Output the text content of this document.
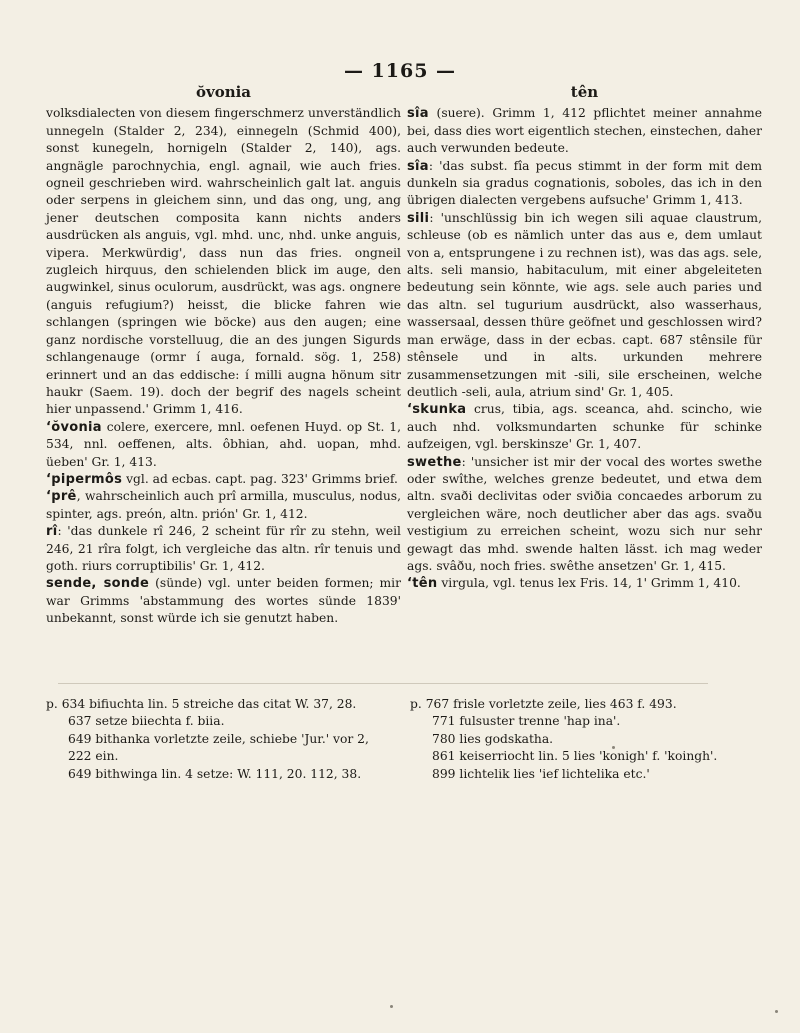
— 1165 —
ŏvonia

volksdialecten von diesem fingerschmerz unverständlich unnegeln (Stalder 2, 234), einnegeln (Schmid 400), sonst kunegeln, hornigeln (Stalder 2, 140), ags. angnägle parochnychia, engl. agnail, wie auch fries. ogneil geschrieben wird. wahrscheinlich galt lat. anguis oder serpens in gleichem sinn, und das ong, ung, ang jener deutschen composita kann nichts anders ausdrücken als anguis, vgl. mhd. unc, nhd. unke anguis, vipera. Merkwürdig', dass nun das fries. ongneil zugleich hirquus, den schielenden blick im auge, den augwinkel, sinus oculorum, ausdrückt, was ags. ongnere (anguis refugium?) heisst, die blicke fahren wie schlangen (springen wie böcke) aus den augen; eine ganz nordische vorstelluug, die an des jungen Sigurds schlangenauge (ormr í auga, fornald. sög. 1, 258) erinnert und an das eddische: í milli augna hönum sitr haukr (Saem. 19). doch der begrif des nagels scheint hier unpassend.' Grimm 1, 416.

‘ŏvonia colere, exercere, mnl. oefenen Huyd. op St. 1, 534, nnl. oeffenen, alts. ôbhian, ahd. uopan, mhd. üeben' Gr. 1, 413.

‘pipermôs vgl. ad ecbas. capt. pag. 323' Grimms brief.

‘prê, wahrscheinlich auch prî armilla, musculus, nodus, spinter, ags. preón, altn. prión' Gr. 1, 412.

rî: 'das dunkele rî 246, 2 scheint für rîr zu stehn, weil 246, 21 rîra folgt, ich vergleiche das altn. rîr tenuis und goth. riurs corruptibilis' Gr. 1, 412.

sende, sonde (sünde) vgl. unter beiden formen; mir war Grimms 'abstammung des wortes sünde 1839' unbekannt, sonst würde ich sie genutzt haben.

tên

sîa (suere). Grimm 1, 412 pflichtet meiner annahme bei, dass dies wort eigentlich stechen, einstechen, daher auch verwunden bedeute.

sîa: 'das subst. fîa pecus stimmt in der form mit dem dunkeln sia gradus cognationis, soboles, das ich in den übrigen dialecten vergebens aufsuche' Grimm 1, 413.

sili: 'unschlüssig bin ich wegen sili aquae claustrum, schleuse (ob es nämlich unter das aus e, dem umlaut von a, entsprungene i zu rechnen ist), was das ags. sele, alts. seli mansio, habitaculum, mit einer abgeleiteten bedeutung sein könnte, wie ags. sele auch paries und das altn. sel tugurium ausdrückt, also wasserhaus, wassersaal, dessen thüre geöfnet und geschlossen wird? man erwäge, dass in der ecbas. capt. 687 stênsile für stênsele und in alts. urkunden mehrere zusammensetzungen mit -sili, sile erscheinen, welche deutlich -seli, aula, atrium sind' Gr. 1, 405.

‘skunka crus, tibia, ags. sceanca, ahd. scincho, wie auch nhd. volksmundarten schunke für schinke aufzeigen, vgl. berskinsze' Gr. 1, 407.

swethe: 'unsicher ist mir der vocal des wortes swethe oder swîthe, welches grenze bedeutet, und etwa dem altn. svaði declivitas oder sviðia concaedes arborum zu vergleichen wäre, noch deutlicher aber das ags. svaðu vestigium zu erreichen scheint, wozu sich nur sehr gewagt das mhd. swende halten lässt. ich mag weder ags. svâðu, noch fries. swêthe ansetzen' Gr. 1, 415.

‘tên virgula, vgl. tenus lex Fris. 14, 1' Grimm 1, 410.

p. 634 bifiuchta lin. 5 streiche das citat W. 37, 28.

637 setze biiechta f. biia.

649 bithanka vorletzte zeile, schiebe 'Jur.' vor 2,

222 ein.

649 bithwinga lin. 4 setze: W. 111, 20. 112, 38.

p. 767 frisle vorletzte zeile, lies 463 f. 493.

771 fulsuster trenne 'hap ina'.

780 lies godskatha.

861 keiserriocht lin. 5 lies 'konigh' f. 'koingh'.

899 lichtelik lies 'ief lichtelika etc.'
